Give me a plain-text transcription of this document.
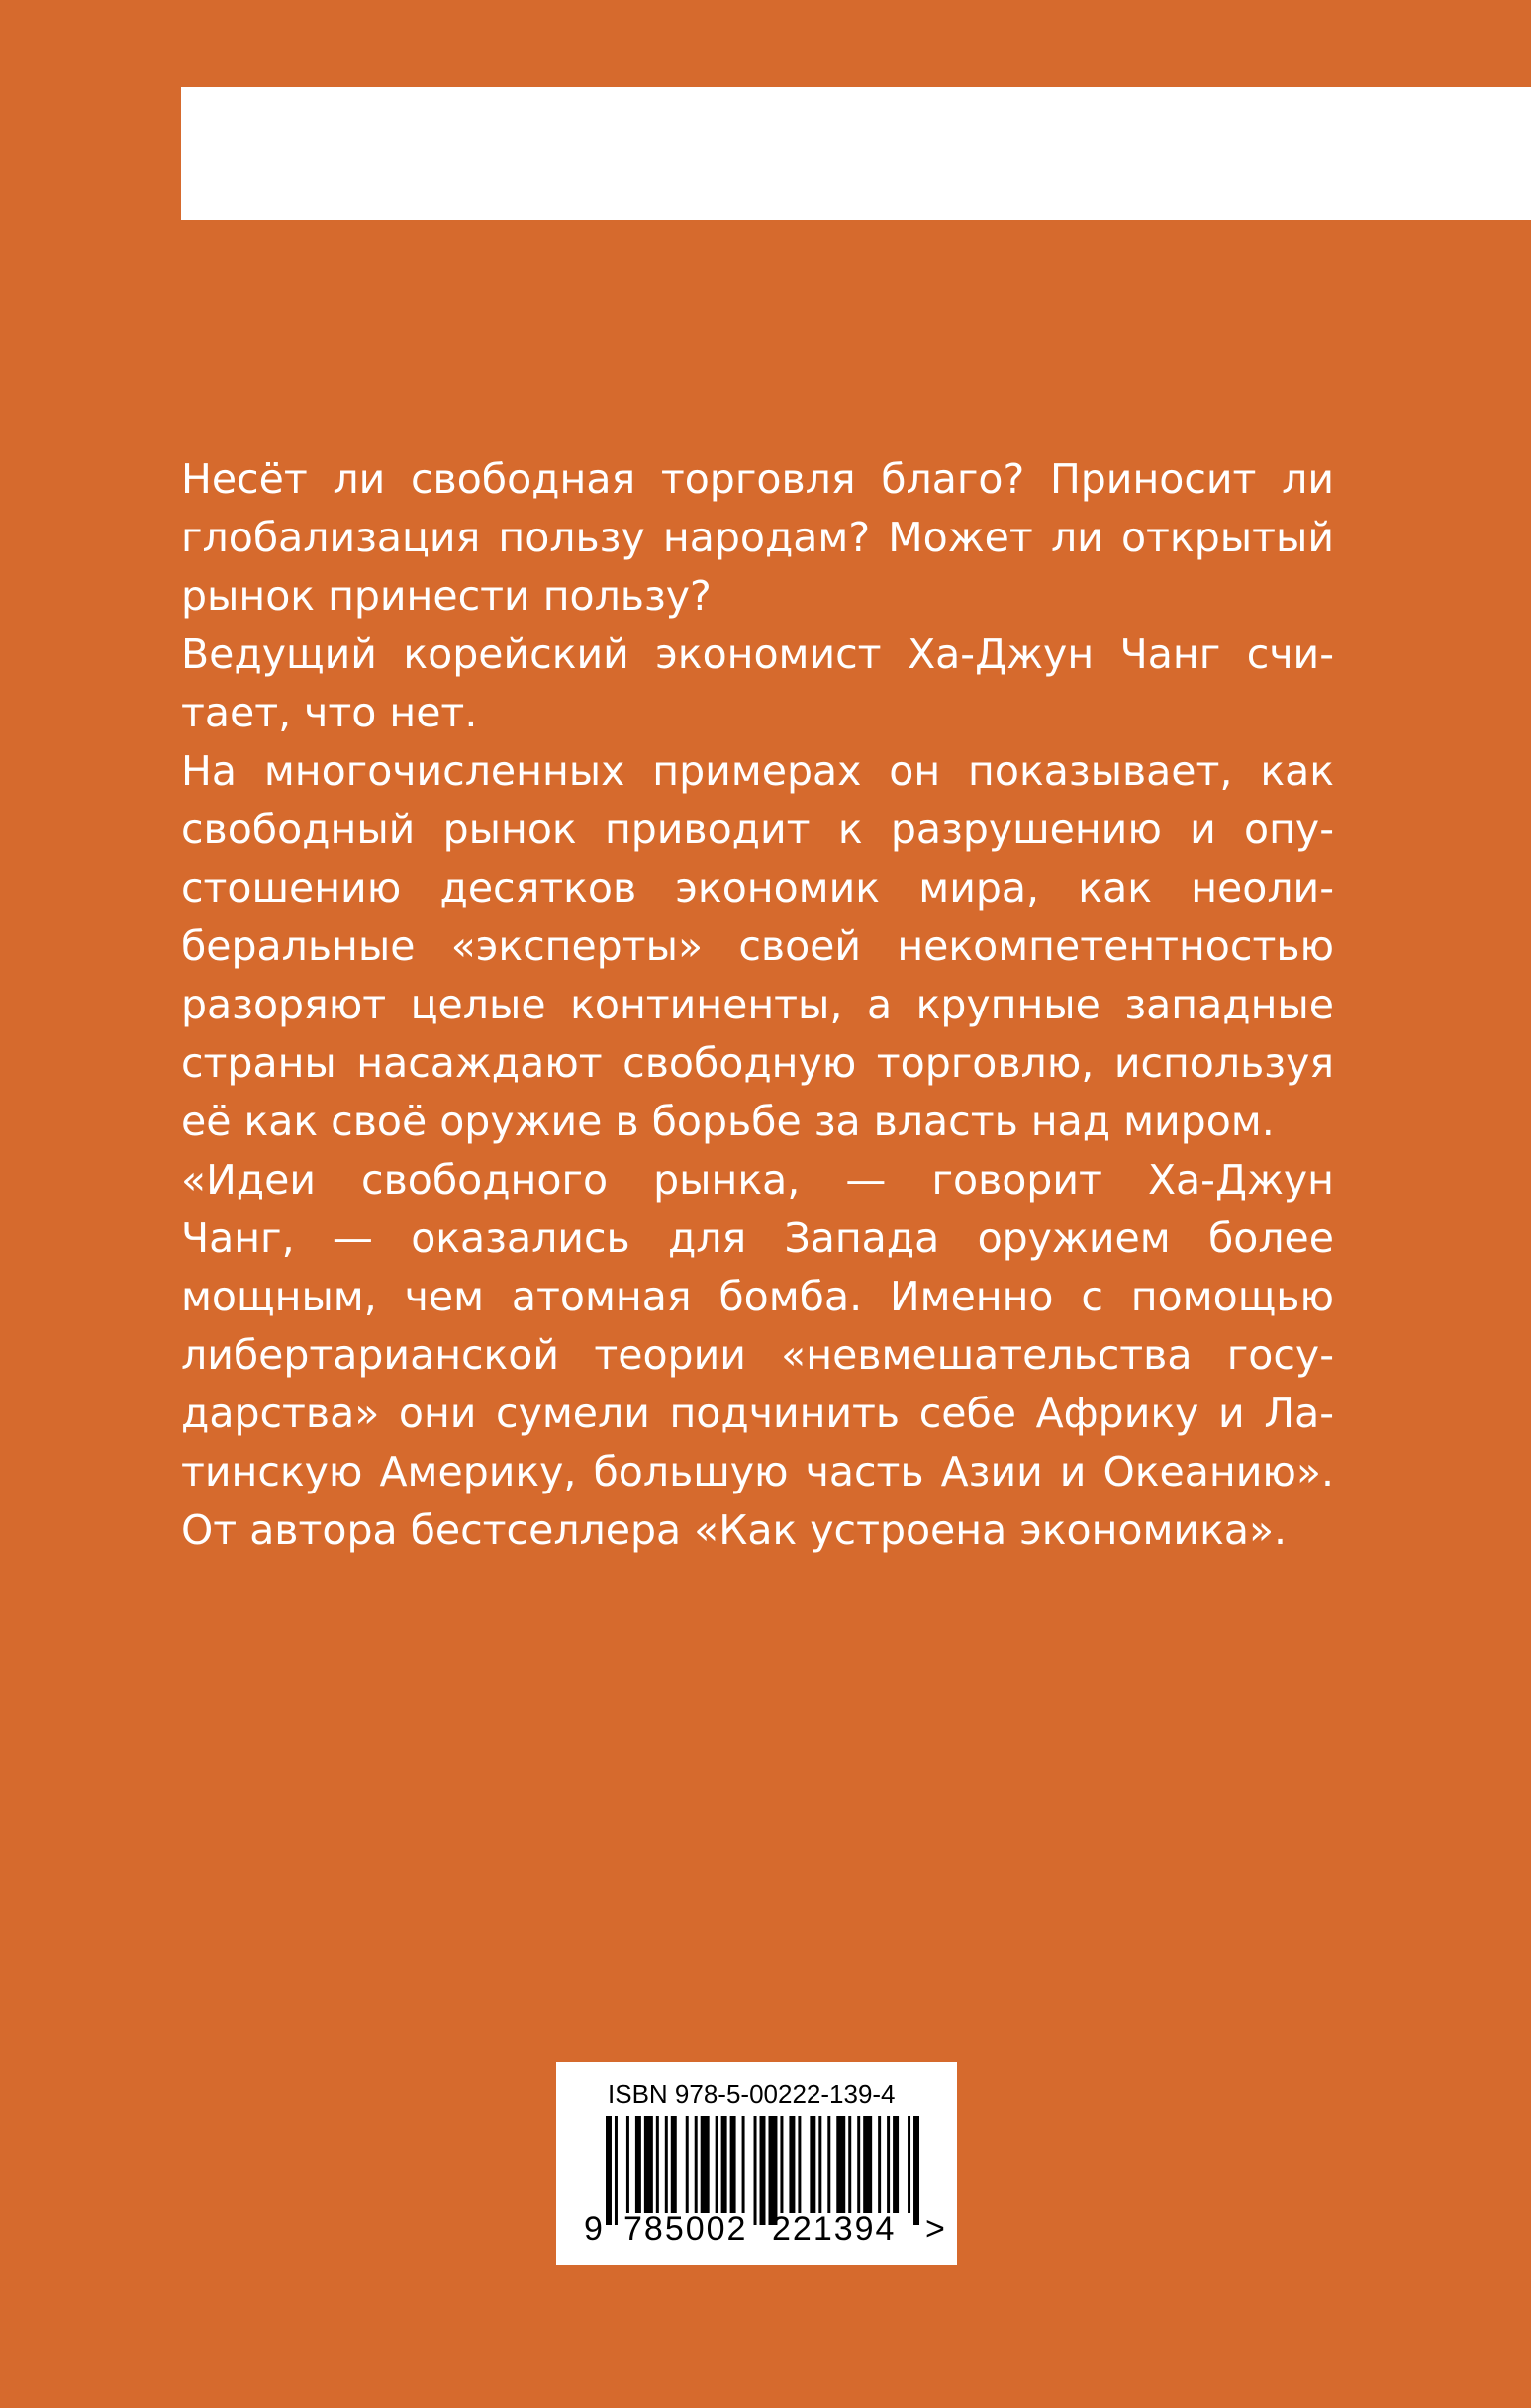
Несёт ли свободная торговля благо? Приносит ли
глобализация пользу народам? Может ли открытый
рынок принести пользу?
Ведущий корейский экономист Ха-Джун Чанг счи-
тает, что нет.
На многочисленных примерах он показывает, как
свободный рынок приводит к разрушению и опу-
стошению десятков экономик мира, как неоли-
беральные «эксперты» своей некомпетентностью
разоряют целые континенты, а крупные западные
страны насаждают свободную торговлю, используя
её как своё оружие в борьбе за власть над миром.
«Идеи свободного рынка, — говорит Ха-Джун
Чанг, — оказались для Запада оружием более
мощным, чем атомная бомба. Именно с помощью
либертарианской теории «невмешательства госу-
дарства» они сумели подчинить себе Африку и Ла-
тинскую Америку, большую часть Азии и Океанию».
От автора бестселлера «Как устроена экономика».
ISBN 978-5-00222-139-4
9 785002 221394 >
